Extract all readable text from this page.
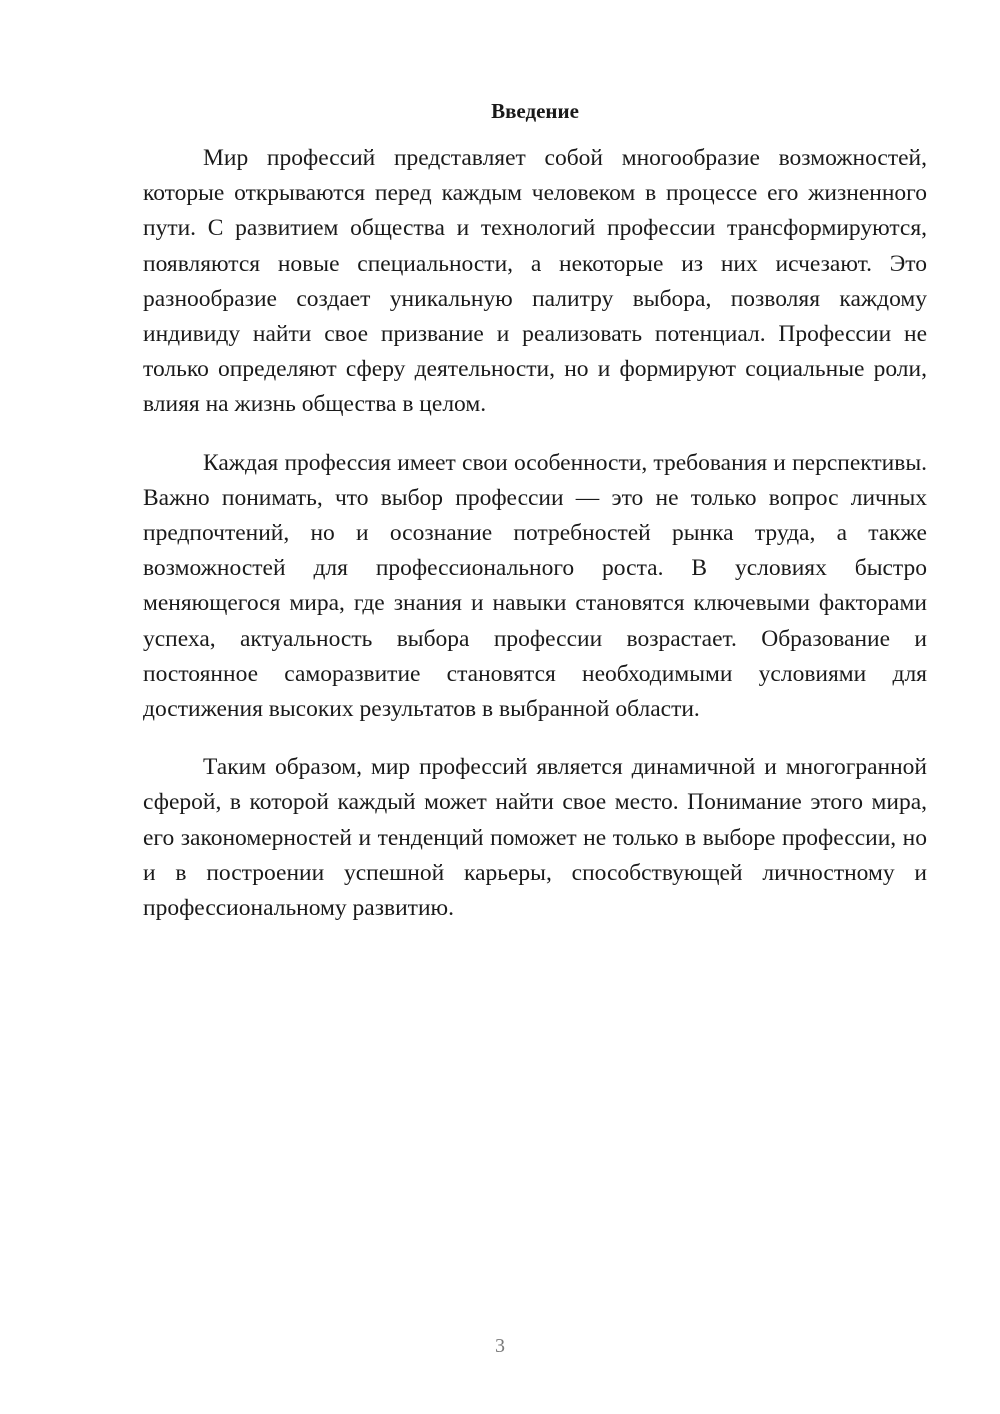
Введение

Мир профессий представляет собой многообразие возможностей, которые открываются перед каждым человеком в процессе его жизненного пути. С развитием общества и технологий профессии трансформируются, появляются новые специальности, а некоторые из них исчезают. Это разнообразие создает уникальную палитру выбора, позволяя каждому индивиду найти свое призвание и реализовать потенциал. Профессии не только определяют сферу деятельности, но и формируют социальные роли, влияя на жизнь общества в целом.

Каждая профессия имеет свои особенности, требования и перспективы. Важно понимать, что выбор профессии — это не только вопрос личных предпочтений, но и осознание потребностей рынка труда, а также возможностей для профессионального роста. В условиях быстро меняющегося мира, где знания и навыки становятся ключевыми факторами успеха, актуальность выбора профессии возрастает. Образование и постоянное саморазвитие становятся необходимыми условиями для достижения высоких результатов в выбранной области.

Таким образом, мир профессий является динамичной и многогранной сферой, в которой каждый может найти свое место. Понимание этого мира, его закономерностей и тенденций поможет не только в выборе профессии, но и в построении успешной карьеры, способствующей личностному и профессиональному развитию.

3
